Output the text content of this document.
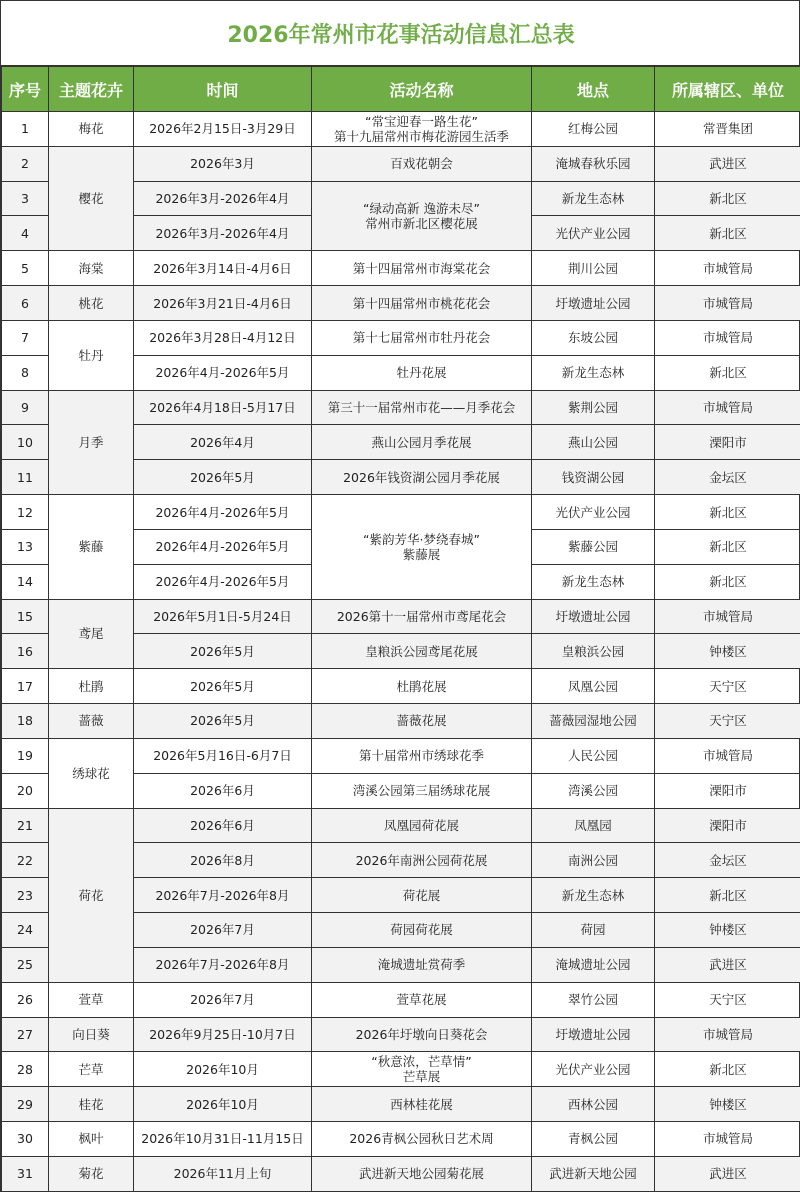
2026年常州市花事活动信息汇总表
序号	主题花卉	时间	活动名称	地点	所属辖区、单位
1	梅花	2026年2月15日-3月29日	“常宝迎春一路生花”
第十九届常州市梅花游园生活季	红梅公园	常晋集团
2	樱花	2026年3月	百戏花朝会	淹城春秋乐园	武进区
3		2026年3月-2026年4月	“绿动高新 逸游未尽”
常州市新北区樱花展	新龙生态林	新北区
4		2026年3月-2026年4月		光伏产业公园	新北区
5	海棠	2026年3月14日-4月6日	第十四届常州市海棠花会	荆川公园	市城管局
6	桃花	2026年3月21日-4月6日	第十四届常州市桃花花会	圩墩遗址公园	市城管局
7	牡丹	2026年3月28日-4月12日	第十七届常州市牡丹花会	东坡公园	市城管局
8		2026年4月-2026年5月	牡丹花展	新龙生态林	新北区
9	月季	2026年4月18日-5月17日	第三十一届常州市花——月季花会	紫荆公园	市城管局
10		2026年4月	燕山公园月季花展	燕山公园	溧阳市
11		2026年5月	2026年钱资湖公园月季花展	钱资湖公园	金坛区
12	紫藤	2026年4月-2026年5月	“紫韵芳华·梦绕春城”
紫藤展	光伏产业公园	新北区
13		2026年4月-2026年5月		紫藤公园	新北区
14		2026年4月-2026年5月		新龙生态林	新北区
15	鸢尾	2026年5月1日-5月24日	2026第十一届常州市鸢尾花会	圩墩遗址公园	市城管局
16		2026年5月	皇粮浜公园鸢尾花展	皇粮浜公园	钟楼区
17	杜鹃	2026年5月	杜鹃花展	凤凰公园	天宁区
18	蔷薇	2026年5月	蔷薇花展	蔷薇园湿地公园	天宁区
19	绣球花	2026年5月16日-6月7日	第十届常州市绣球花季	人民公园	市城管局
20		2026年6月	湾溪公园第三届绣球花展	湾溪公园	溧阳市
21	荷花	2026年6月	凤凰园荷花展	凤凰园	溧阳市
22		2026年8月	2026年南洲公园荷花展	南洲公园	金坛区
23		2026年7月-2026年8月	荷花展	新龙生态林	新北区
24		2026年7月	荷园荷花展	荷园	钟楼区
25		2026年7月-2026年8月	淹城遗址赏荷季	淹城遗址公园	武进区
26	萱草	2026年7月	萱草花展	翠竹公园	天宁区
27	向日葵	2026年9月25日-10月7日	2026年圩墩向日葵花会	圩墩遗址公园	市城管局
28	芒草	2026年10月	“秋意浓，芒草情”
芒草展	光伏产业公园	新北区
29	桂花	2026年10月	西林桂花展	西林公园	钟楼区
30	枫叶	2026年10月31日-11月15日	2026青枫公园秋日艺术周	青枫公园	市城管局
31	菊花	2026年11月上旬	武进新天地公园菊花展	武进新天地公园	武进区
